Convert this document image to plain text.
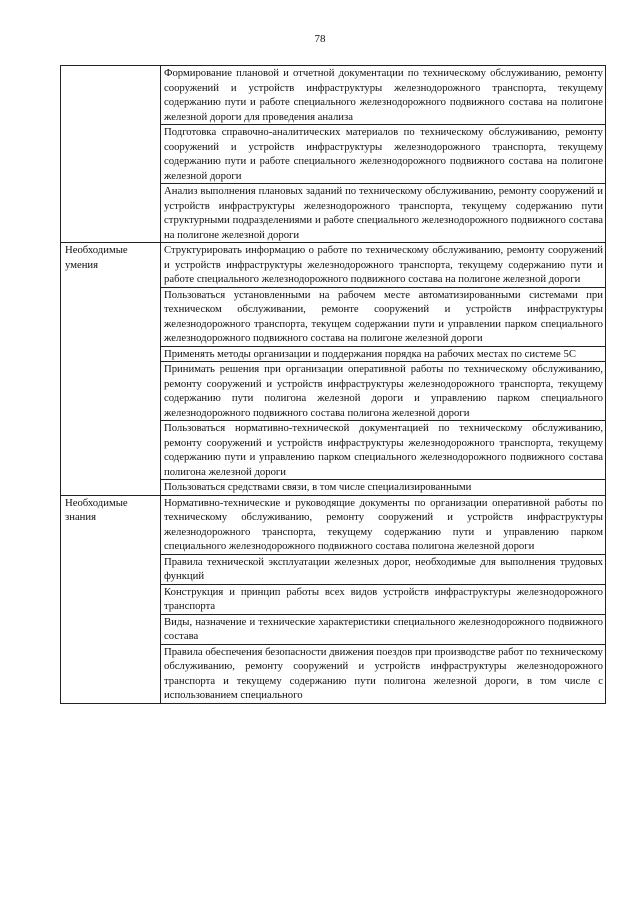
78
	Формирование плановой и отчетной документации по техническому обслуживанию, ремонту сооружений и устройств инфраструктуры железнодорожного транспорта, текущему содержанию пути и работе специального железнодорожного подвижного состава на полигоне железной дороги для проведения анализа
	Подготовка справочно-аналитических материалов по техническому обслуживанию, ремонту сооружений и устройств инфраструктуры железнодорожного транспорта, текущему содержанию пути и работе специального железнодорожного подвижного состава на полигоне железной дороги
	Анализ выполнения плановых заданий по техническому обслуживанию, ремонту сооружений и устройств инфраструктуры железнодорожного транспорта, текущему содержанию пути структурными подразделениями и работе специального железнодорожного подвижного состава на полигоне железной дороги
Необходимые умения	Структурировать информацию о работе по техническому обслуживанию, ремонту сооружений и устройств инфраструктуры железнодорожного транспорта, текущему содержанию пути и работе специального железнодорожного подвижного состава на полигоне железной дороги
	Пользоваться установленными на рабочем месте автоматизированными системами при техническом обслуживании, ремонте сооружений и устройств инфраструктуры железнодорожного транспорта, текущем содержании пути и управлении парком специального железнодорожного подвижного состава на полигоне железной дороги
	Применять методы организации и поддержания порядка на рабочих местах по системе 5С
	Принимать решения при организации оперативной работы по техническому обслуживанию, ремонту сооружений и устройств инфраструктуры железнодорожного транспорта, текущему содержанию пути полигона железной дороги и управлению парком специального железнодорожного подвижного состава полигона железной дороги
	Пользоваться нормативно-технической документацией по техническому обслуживанию, ремонту сооружений и устройств инфраструктуры железнодорожного транспорта, текущему содержанию пути и управлению парком специального железнодорожного подвижного состава полигона железной дороги
	Пользоваться средствами связи, в том числе специализированными
Необходимые знания	Нормативно-технические и руководящие документы по организации оперативной работы по техническому обслуживанию, ремонту сооружений и устройств инфраструктуры железнодорожного транспорта, текущему содержанию пути и управлению парком специального железнодорожного подвижного состава полигона железной дороги
	Правила технической эксплуатации железных дорог, необходимые для выполнения трудовых функций
	Конструкция и принцип работы всех видов устройств инфраструктуры железнодорожного транспорта
	Виды, назначение и технические характеристики специального железнодорожного подвижного состава
	Правила обеспечения безопасности движения поездов при производстве работ по техническому обслуживанию, ремонту сооружений и устройств инфраструктуры железнодорожного транспорта и текущему содержанию пути полигона железной дороги, в том числе с использованием специального
